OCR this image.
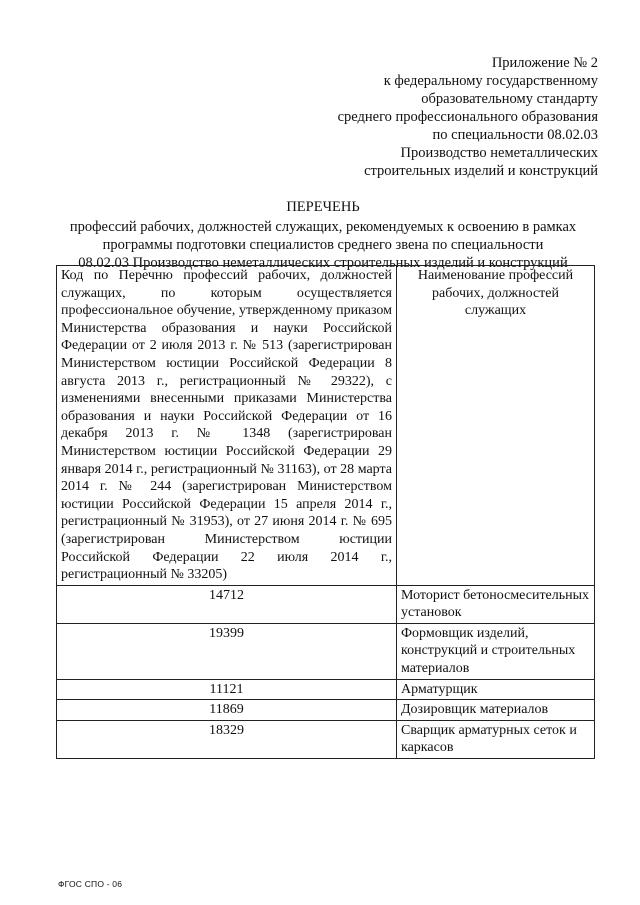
Приложение № 2
к федеральному государственному
образовательному стандарту
среднего профессионального образования
по специальности 08.02.03
Производство неметаллических
строительных изделий и конструкций
ПЕРЕЧЕНЬ
профессий рабочих, должностей служащих, рекомендуемых к освоению в рамках
программы подготовки специалистов среднего звена по специальности
08.02.03 Производство неметаллических строительных изделий и конструкций
Код по Перечню профессий рабочих, должностей служащих, по которым осуществляется профессиональное обучение, утвержденному приказом Министерства образования и науки Российской Федерации от 2 июля 2013 г. № 513 (зарегистрирован Министерством юстиции Российской Федерации 8 августа 2013 г., регистрационный № 29322), с изменениями внесенными приказами Министерства образования и науки Российской Федерации от 16 декабря 2013 г. № 1348 (зарегистрирован Министерством юстиции Российской Федерации 29 января 2014 г., регистрационный № 31163), от 28 марта 2014 г. № 244 (зарегистрирован Министерством юстиции Российской Федерации 15 апреля 2014 г., регистрационный № 31953), от 27 июня 2014 г. № 695 (зарегистрирован Министерством юстиции Российской Федерации 22 июля 2014 г., регистрационный № 33205)	Наименование профессий рабочих, должностей служащих
14712	Моторист бетоносмесительных установок
19399	Формовщик изделий, конструкций и строительных материалов
11121	Арматурщик
11869	Дозировщик материалов
18329	Сварщик арматурных сеток и каркасов
ФГОС СПО - 06
